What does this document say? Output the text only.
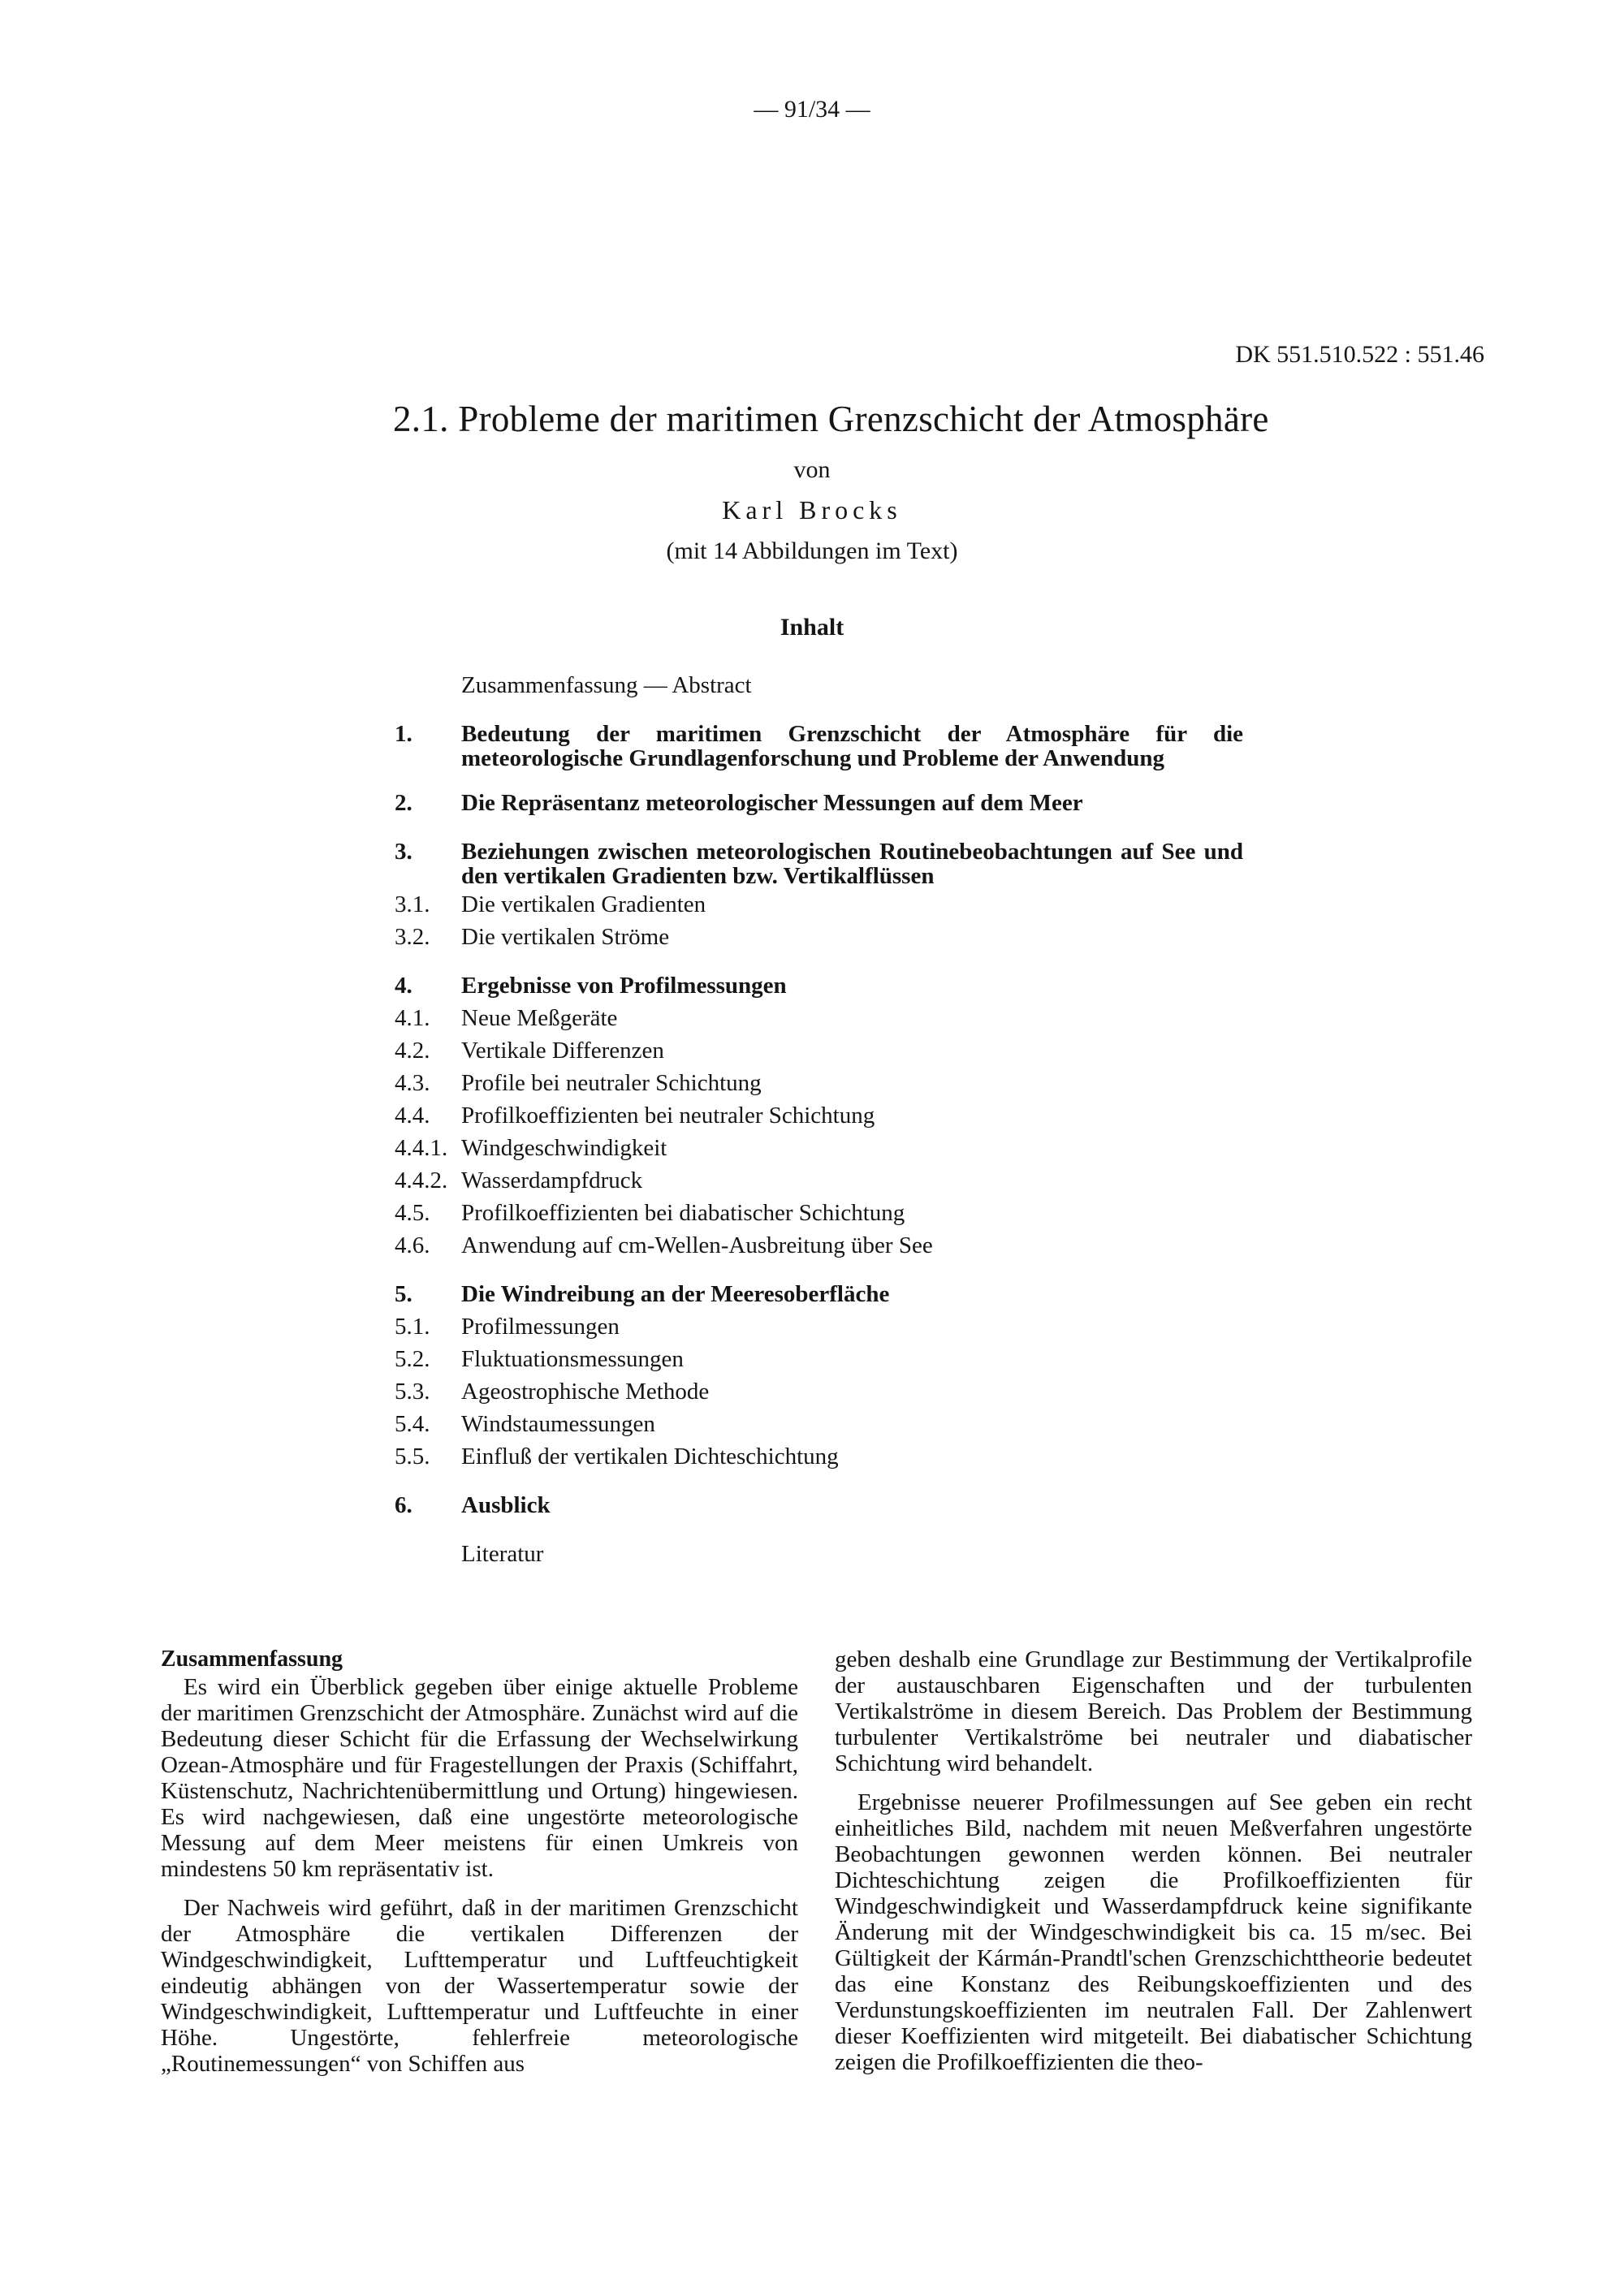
— 91/34 —
DK 551.510.522 : 551.46
2.1. Probleme der maritimen Grenzschicht der Atmosphäre
von
Karl Brocks
(mit 14 Abbildungen im Text)
Inhalt
Zusammenfassung — Abstract
1.	Bedeutung der maritimen Grenzschicht der Atmosphäre für die meteorologische Grundlagenforschung und Probleme der Anwendung
2.	Die Repräsentanz meteorologischer Messungen auf dem Meer
3.	Beziehungen zwischen meteorologischen Routinebeobachtungen auf See und den vertikalen Gradienten bzw. Vertikalflüssen
3.1.	Die vertikalen Gradienten
3.2.	Die vertikalen Ströme
4.	Ergebnisse von Profilmessungen
4.1.	Neue Meßgeräte
4.2.	Vertikale Differenzen
4.3.	Profile bei neutraler Schichtung
4.4.	Profilkoeffizienten bei neutraler Schichtung
4.4.1. Windgeschwindigkeit
4.4.2. Wasserdampfdruck
4.5.	Profilkoeffizienten bei diabatischer Schichtung
4.6.	Anwendung auf cm-Wellen-Ausbreitung über See
5.	Die Windreibung an der Meeresoberfläche
5.1.	Profilmessungen
5.2.	Fluktuationsmessungen
5.3.	Ageostrophische Methode
5.4.	Windstaumessungen
5.5.	Einfluß der vertikalen Dichteschichtung
6.	Ausblick
Literatur
Zusammenfassung

Es wird ein Überblick gegeben über einige aktuelle Probleme der maritimen Grenzschicht der Atmosphäre. Zunächst wird auf die Bedeutung dieser Schicht für die Erfassung der Wechselwirkung Ozean-Atmosphäre und für Fragestellungen der Praxis (Schiffahrt, Küstenschutz, Nachrichtenübermittlung und Ortung) hingewiesen. Es wird nachgewiesen, daß eine ungestörte meteorologische Messung auf dem Meer meistens für einen Umkreis von mindestens 50 km repräsentativ ist.

Der Nachweis wird geführt, daß in der maritimen Grenzschicht der Atmosphäre die vertikalen Differenzen der Windgeschwindigkeit, Lufttemperatur und Luftfeuchtigkeit eindeutig abhängen von der Wassertemperatur sowie der Windgeschwindigkeit, Lufttemperatur und Luftfeuchte in einer Höhe. Ungestörte, fehlerfreie meteorologische „Routinemessungen“ von Schiffen aus

geben deshalb eine Grundlage zur Bestimmung der Vertikalprofile der austauschbaren Eigenschaften und der turbulenten Vertikalströme in diesem Bereich. Das Problem der Bestimmung turbulenter Vertikalströme bei neutraler und diabatischer Schichtung wird behandelt.

Ergebnisse neuerer Profilmessungen auf See geben ein recht einheitliches Bild, nachdem mit neuen Meßverfahren ungestörte Beobachtungen gewonnen werden können. Bei neutraler Dichteschichtung zeigen die Profilkoeffizienten für Windgeschwindigkeit und Wasserdampfdruck keine signifikante Änderung mit der Windgeschwindigkeit bis ca. 15 m/sec. Bei Gültigkeit der Kármán-Prandtl'schen Grenzschichttheorie bedeutet das eine Konstanz des Reibungskoeffizienten und des Verdunstungskoeffizienten im neutralen Fall. Der Zahlenwert dieser Koeffizienten wird mitgeteilt. Bei diabatischer Schichtung zeigen die Profilkoeffizienten die theo-
